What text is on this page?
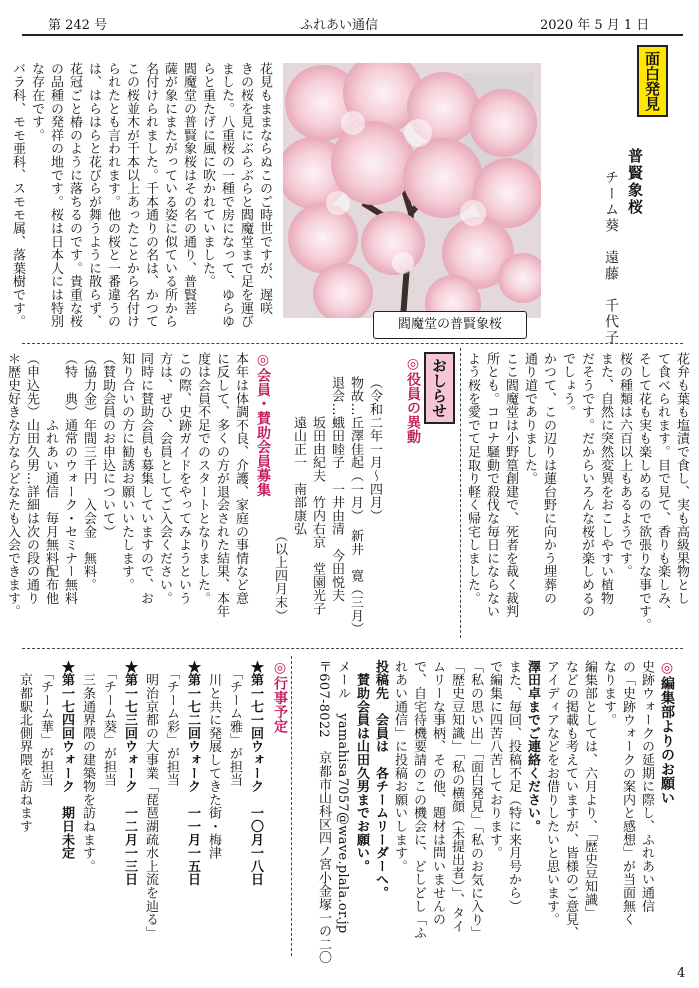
第 242 号	ふれあい通信	2020 年 5 月 1 日
面白発見
普賢象桜
チーム葵　遠藤　千代子
閻魔堂の普賢象桜

花見もままならぬこのご時世ですが、遅咲

きの桜を見にぶらぶらと閻魔堂まで足を運び

ました。八重桜の一種で房になって、ゆらゆ

らと重たげに風に吹かれていました。

閻魔堂の普賢象桜はその名の通り、普賢菩

薩が象にまたがっている姿に似ている所から

名付けられました。千本通りの名は、かつて

この桜並木が千本以上あったことから名付け

られたとも言われます。他の桜と一番違うの

は、はらはらと花びらが舞うように散らず、

花冠ごと椿のように落ちるのです。貴重な桜

の品種の発祥の地です。桜は日本人には特別

な存在です。

バラ科、モモ亜科、スモモ属、落葉樹です。

花弁も葉も塩漬で食し、実も高級果物とし

て食べられます。目で見て、香りも楽しみ、

そして花も実も楽しめるので欲張りな事です。

桜の種類は六百以上もあるようです。

また、自然に突然変異をおこしやすい植物

だそうです。だからいろんな桜が楽しめるの

でしょう。

かつて、この辺りは蓮台野に向かう埋葬の

通り道でありました。

ここ閻魔堂は小野篁創建で、死者を裁く裁判

所とも。コロナ騒動で殺伐な毎日にならない

よう桜を愛でて足取り軽く帰宅しました。

おしらせ
◎役員の異動

（令和二年一月〜四月）

物故…丘澤佳起（一月）　新井　寛（三月）

退会…蛾田睦子　一井由清　今田悦夫

　　　坂田由紀夫　竹内右京　堂園光子

　　　遠山正一　南部康弘

　　　　　　　　　　　　（以上四月末）

◎会員・賛助会員募集

本年は体調不良、介護、家庭の事情など意

に反して、多くの方が退会された結果、本年

度は会員不足でのスタートとなりました。

この際、史跡ガイドをやってみようという

方は、ぜひ、会員としてご入会ください。

同時に賛助会員も募集していますので、お

知り合いの方に勧誘お願いいたします。

（賛助会員のお申込について）

（協力金）年間三千円　入会金　無料。

（特　典）通常のウォーク・セミナー無料

　　　　　ふれあい通信　毎月無料配布他

（申込先）山田久男…詳細は次の段の通り

＊歴史好きな方ならどなたも入会できます。

◎編集部よりのお願い

史跡ウォークの延期に際し、ふれあい通信

の「史跡ウォークの案内と感想」が当面無く

なります。

編集部としては、六月より、「歴史豆知識」

などの掲載も考えていますが、皆様のご意見、

アイディアなどをお借りしたいと思います。

澤田卓までご連絡ください。

また、毎回、投稿不足（特に来月号から）

で編集に四苦八苦しております。

「私の思い出」「面白発見」「私のお気に入り」

「歴史豆知識」「私の横顔（未提出者）」、タイ

ムリーな事柄、その他、題材は問いませんの

で、自宅待機要請のこの機会に、どしどし「ふ

れあい通信」に投稿お願いします。

投稿先　会員は　各チームリーダーへ。

　賛助会員は山田久男までお願い。

メール　yamahisa7057@wave.plala.or.jp

〒607-8022　京都市山科区四ノ宮小金塚一の二〇

◎行事予定

★第一七一回ウォーク　一〇月一八日

　「チーム雅」が担当

　川と共に発展してきた街・梅津

★第一七二回ウォーク　一一月一五日

　「チーム彩」が担当

　明治京都の大事業「琵琶湖疏水上流を辿る」

★第一七三回ウォーク　一二月一三日

　「チーム葵」が担当

　三条通界隈の建築物を訪ねます。

★第一七四回ウォーク　期日未定

　「チーム華」が担当

　京都駅北側界隈を訪ねます

4
